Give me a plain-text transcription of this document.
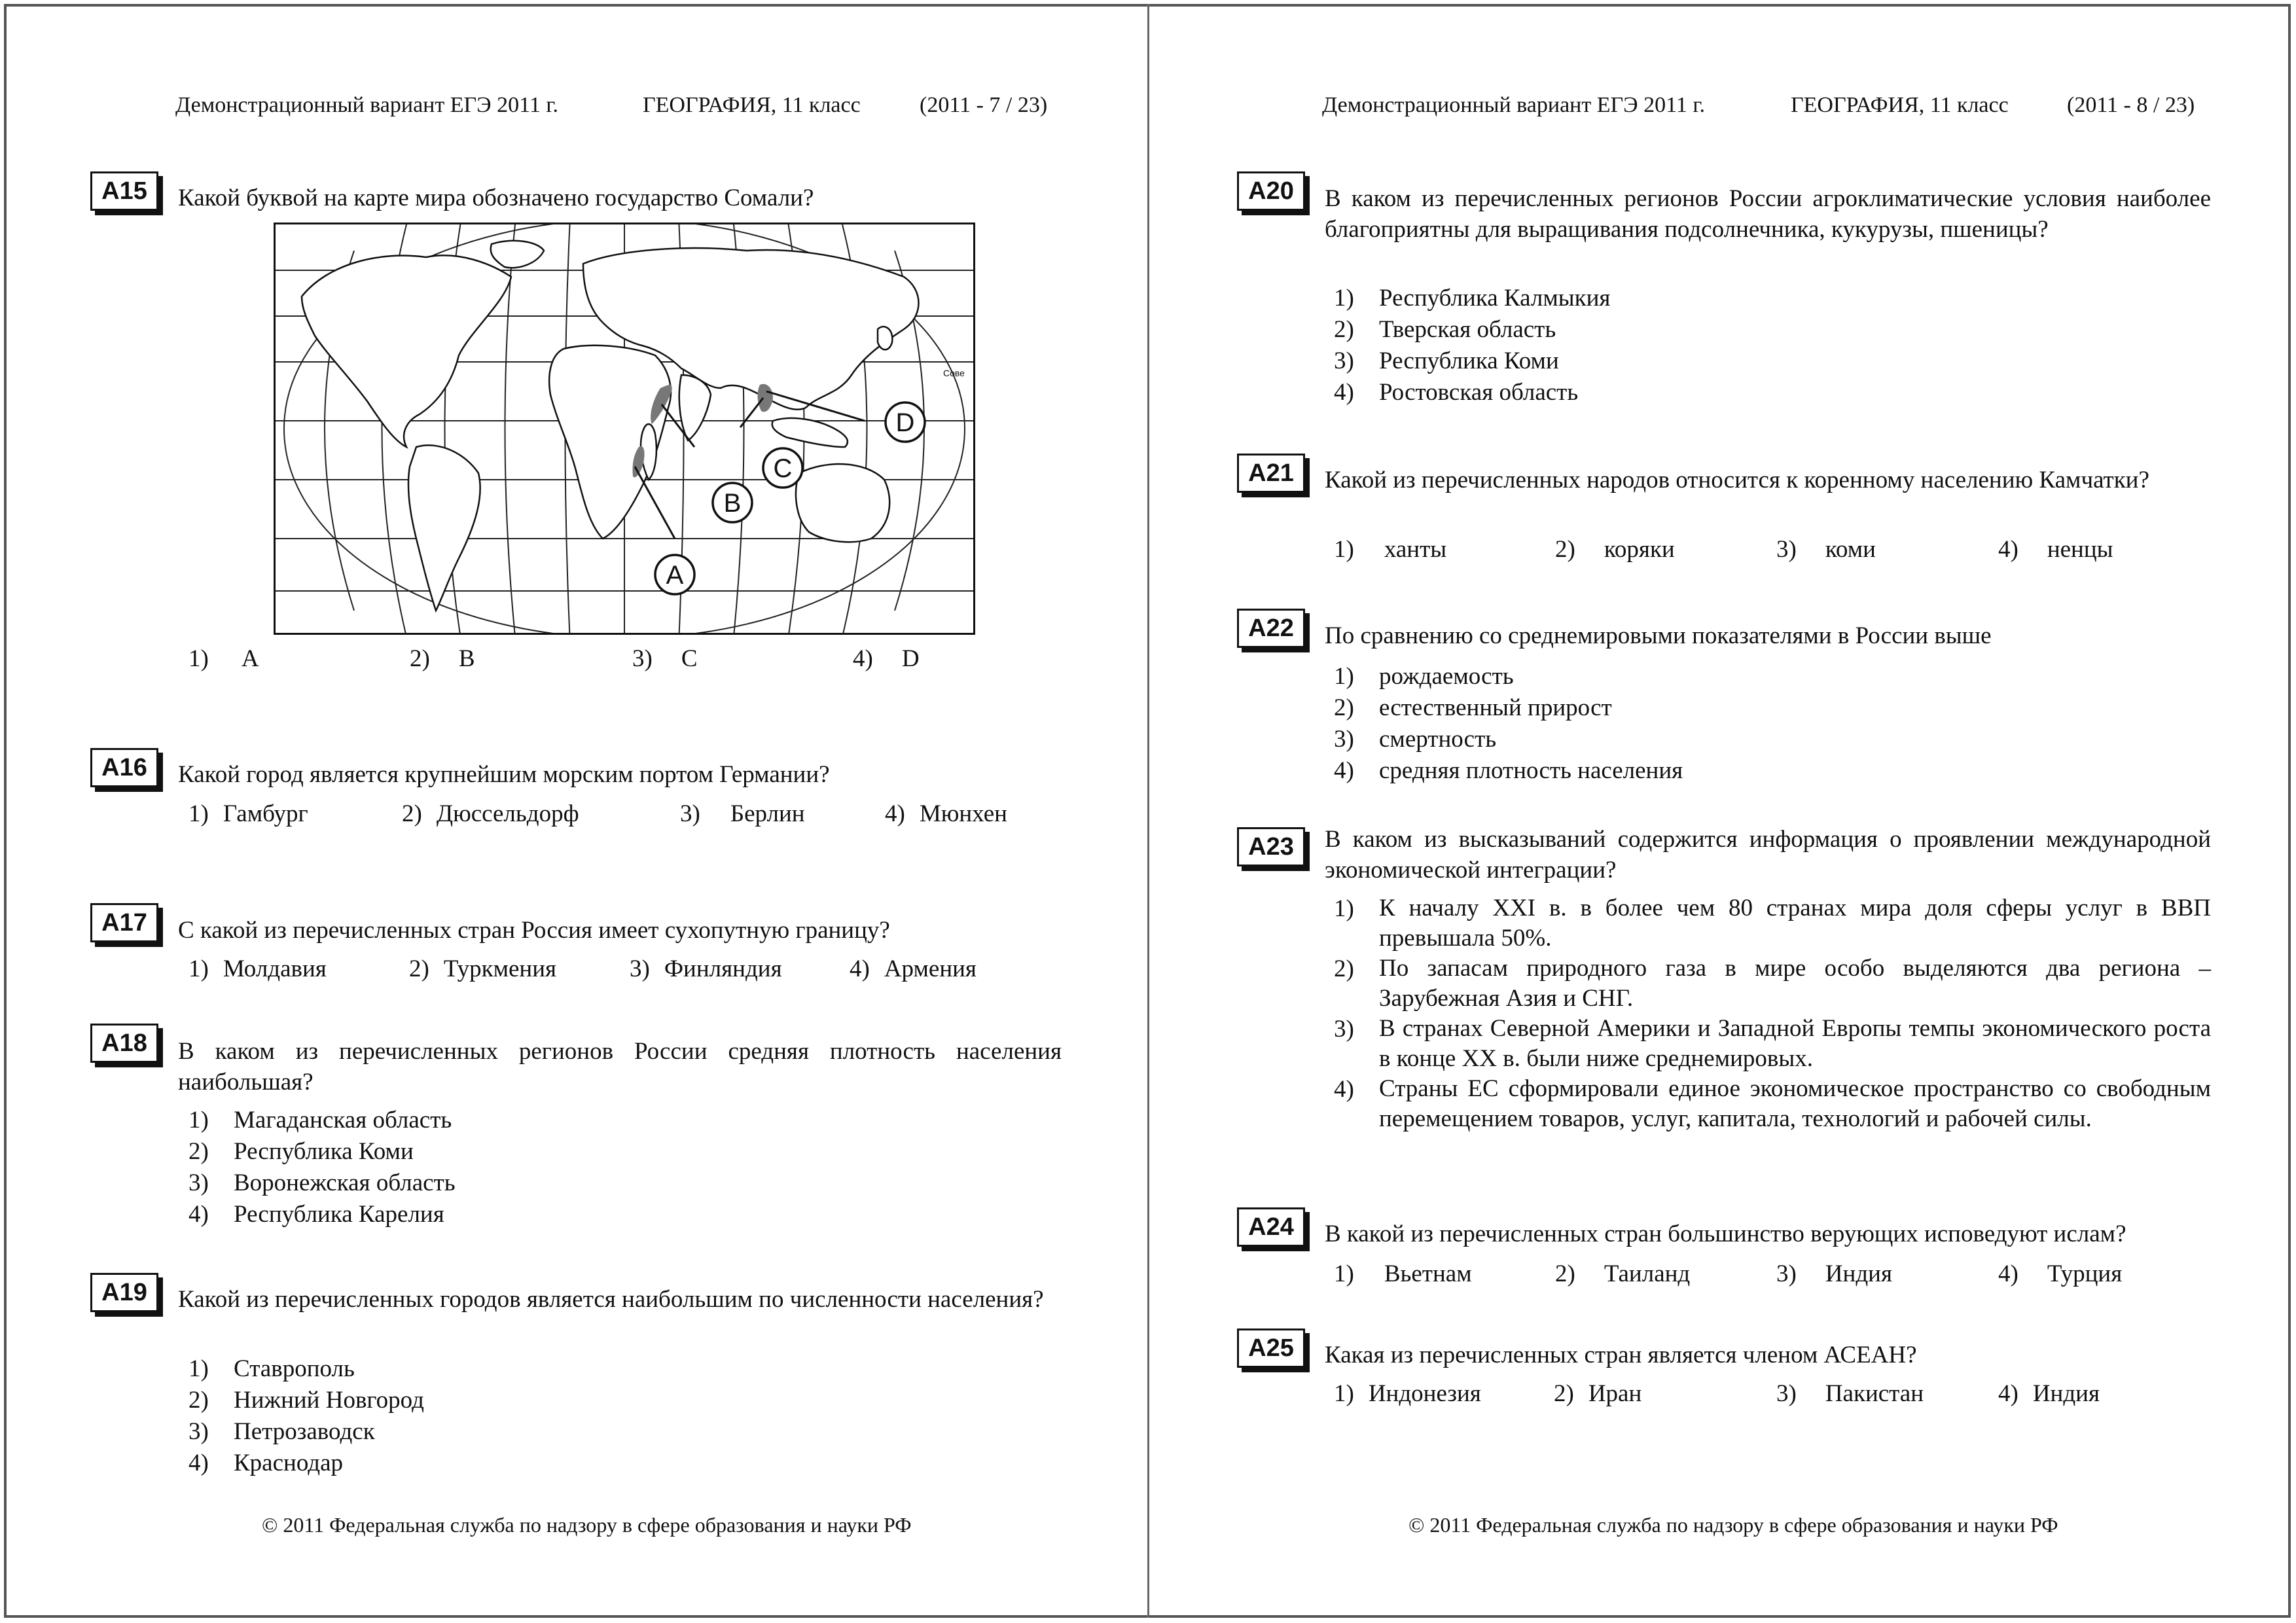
Демонстрационный вариант ЕГЭ 2011 г.	ГЕОГРАФИЯ, 11 класс	(2011 - 7 / 23)
A15	Какой буквой на карте мира обозначено государство Сомали?
A
B
C
D
Сове
1) A	2) B	3) C	4) D
A16	Какой город является крупнейшим морским портом Германии?
1) Гамбург	2) Дюссельдорф	3) Берлин	4) Мюнхен
A17	С какой из перечисленных стран Россия имеет сухопутную границу?
1) Молдавия	2) Туркмения	3) Финляндия	4) Армения
A18	В каком из перечисленных регионов России средняя плотность населения наибольшая?
1)	Магаданская область
2)	Республика Коми
3)	Воронежская область
4)	Республика Карелия
A19	Какой из перечисленных городов является наибольшим по численности населения?
1)	Ставрополь
2)	Нижний Новгород
3)	Петрозаводск
4)	Краснодар
© 2011 Федеральная служба по надзору в сфере образования и науки РФ
Демонстрационный вариант ЕГЭ 2011 г.	ГЕОГРАФИЯ, 11 класс	(2011 - 8 / 23)
A20	В каком из перечисленных регионов России агроклиматические условия наиболее благоприятны для выращивания подсолнечника, кукурузы, пшеницы?
1)	Республика Калмыкия
2)	Тверская область
3)	Республика Коми
4)	Ростовская область
A21	Какой из перечисленных народов относится к коренному населению Камчатки?
1) ханты	2) коряки	3) коми	4) ненцы
A22	По сравнению со среднемировыми показателями в России выше
1)	рождаемость
2)	естественный прирост
3)	смертность
4)	средняя плотность населения
A23	В каком из высказываний содержится информация о проявлении международной экономической интеграции?
1)	К началу XXI в. в более чем 80 странах мира доля сферы услуг в ВВП превышала 50%.
2)	По запасам природного газа в мире особо выделяются два региона – Зарубежная Азия и СНГ.
3)	В странах Северной Америки и Западной Европы темпы экономического роста в конце XX в. были ниже среднемировых.
4)	Страны ЕС сформировали единое экономическое пространство со свободным перемещением товаров, услуг, капитала, технологий и рабочей силы.
A24	В какой из перечисленных стран большинство верующих исповедуют ислам?
1) Вьетнам	2) Таиланд	3) Индия	4) Турция
A25	Какая из перечисленных стран является членом АСЕАН?
1) Индонезия	2) Иран	3) Пакистан	4) Индия
© 2011 Федеральная служба по надзору в сфере образования и науки РФ
